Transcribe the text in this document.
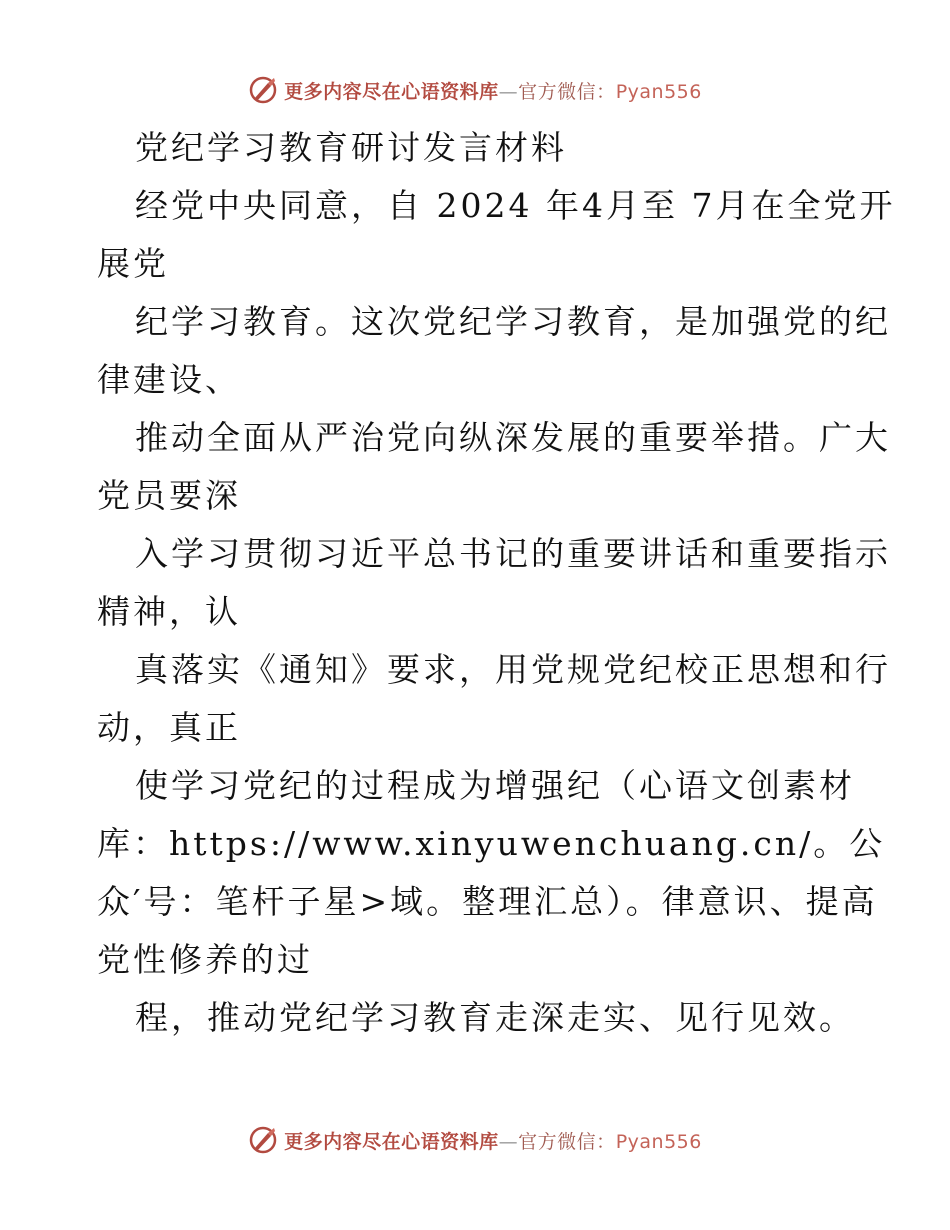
更多内容尽在心语资料库—官方微信：Pyan556
党纪学习教育研讨发言材料
经党中央同意，自 2024 年4月至 7月在全党开
展党
纪学习教育。这次党纪学习教育，是加强党的纪
律建设、
推动全面从严治党向纵深发展的重要举措。广大
党员要深
入学习贯彻习近平总书记的重要讲话和重要指示
精神，认
真落实《通知》要求，用党规党纪校正思想和行
动，真正
使学习党纪的过程成为增强纪（心语文创素材
库：https://www.xinyuwenchuang.cn/。公
众′号：笔杆子星>域。整理汇总）。律意识、提高
党性修养的过
程，推动党纪学习教育走深走实、见行见效。
更多内容尽在心语资料库—官方微信：Pyan556
